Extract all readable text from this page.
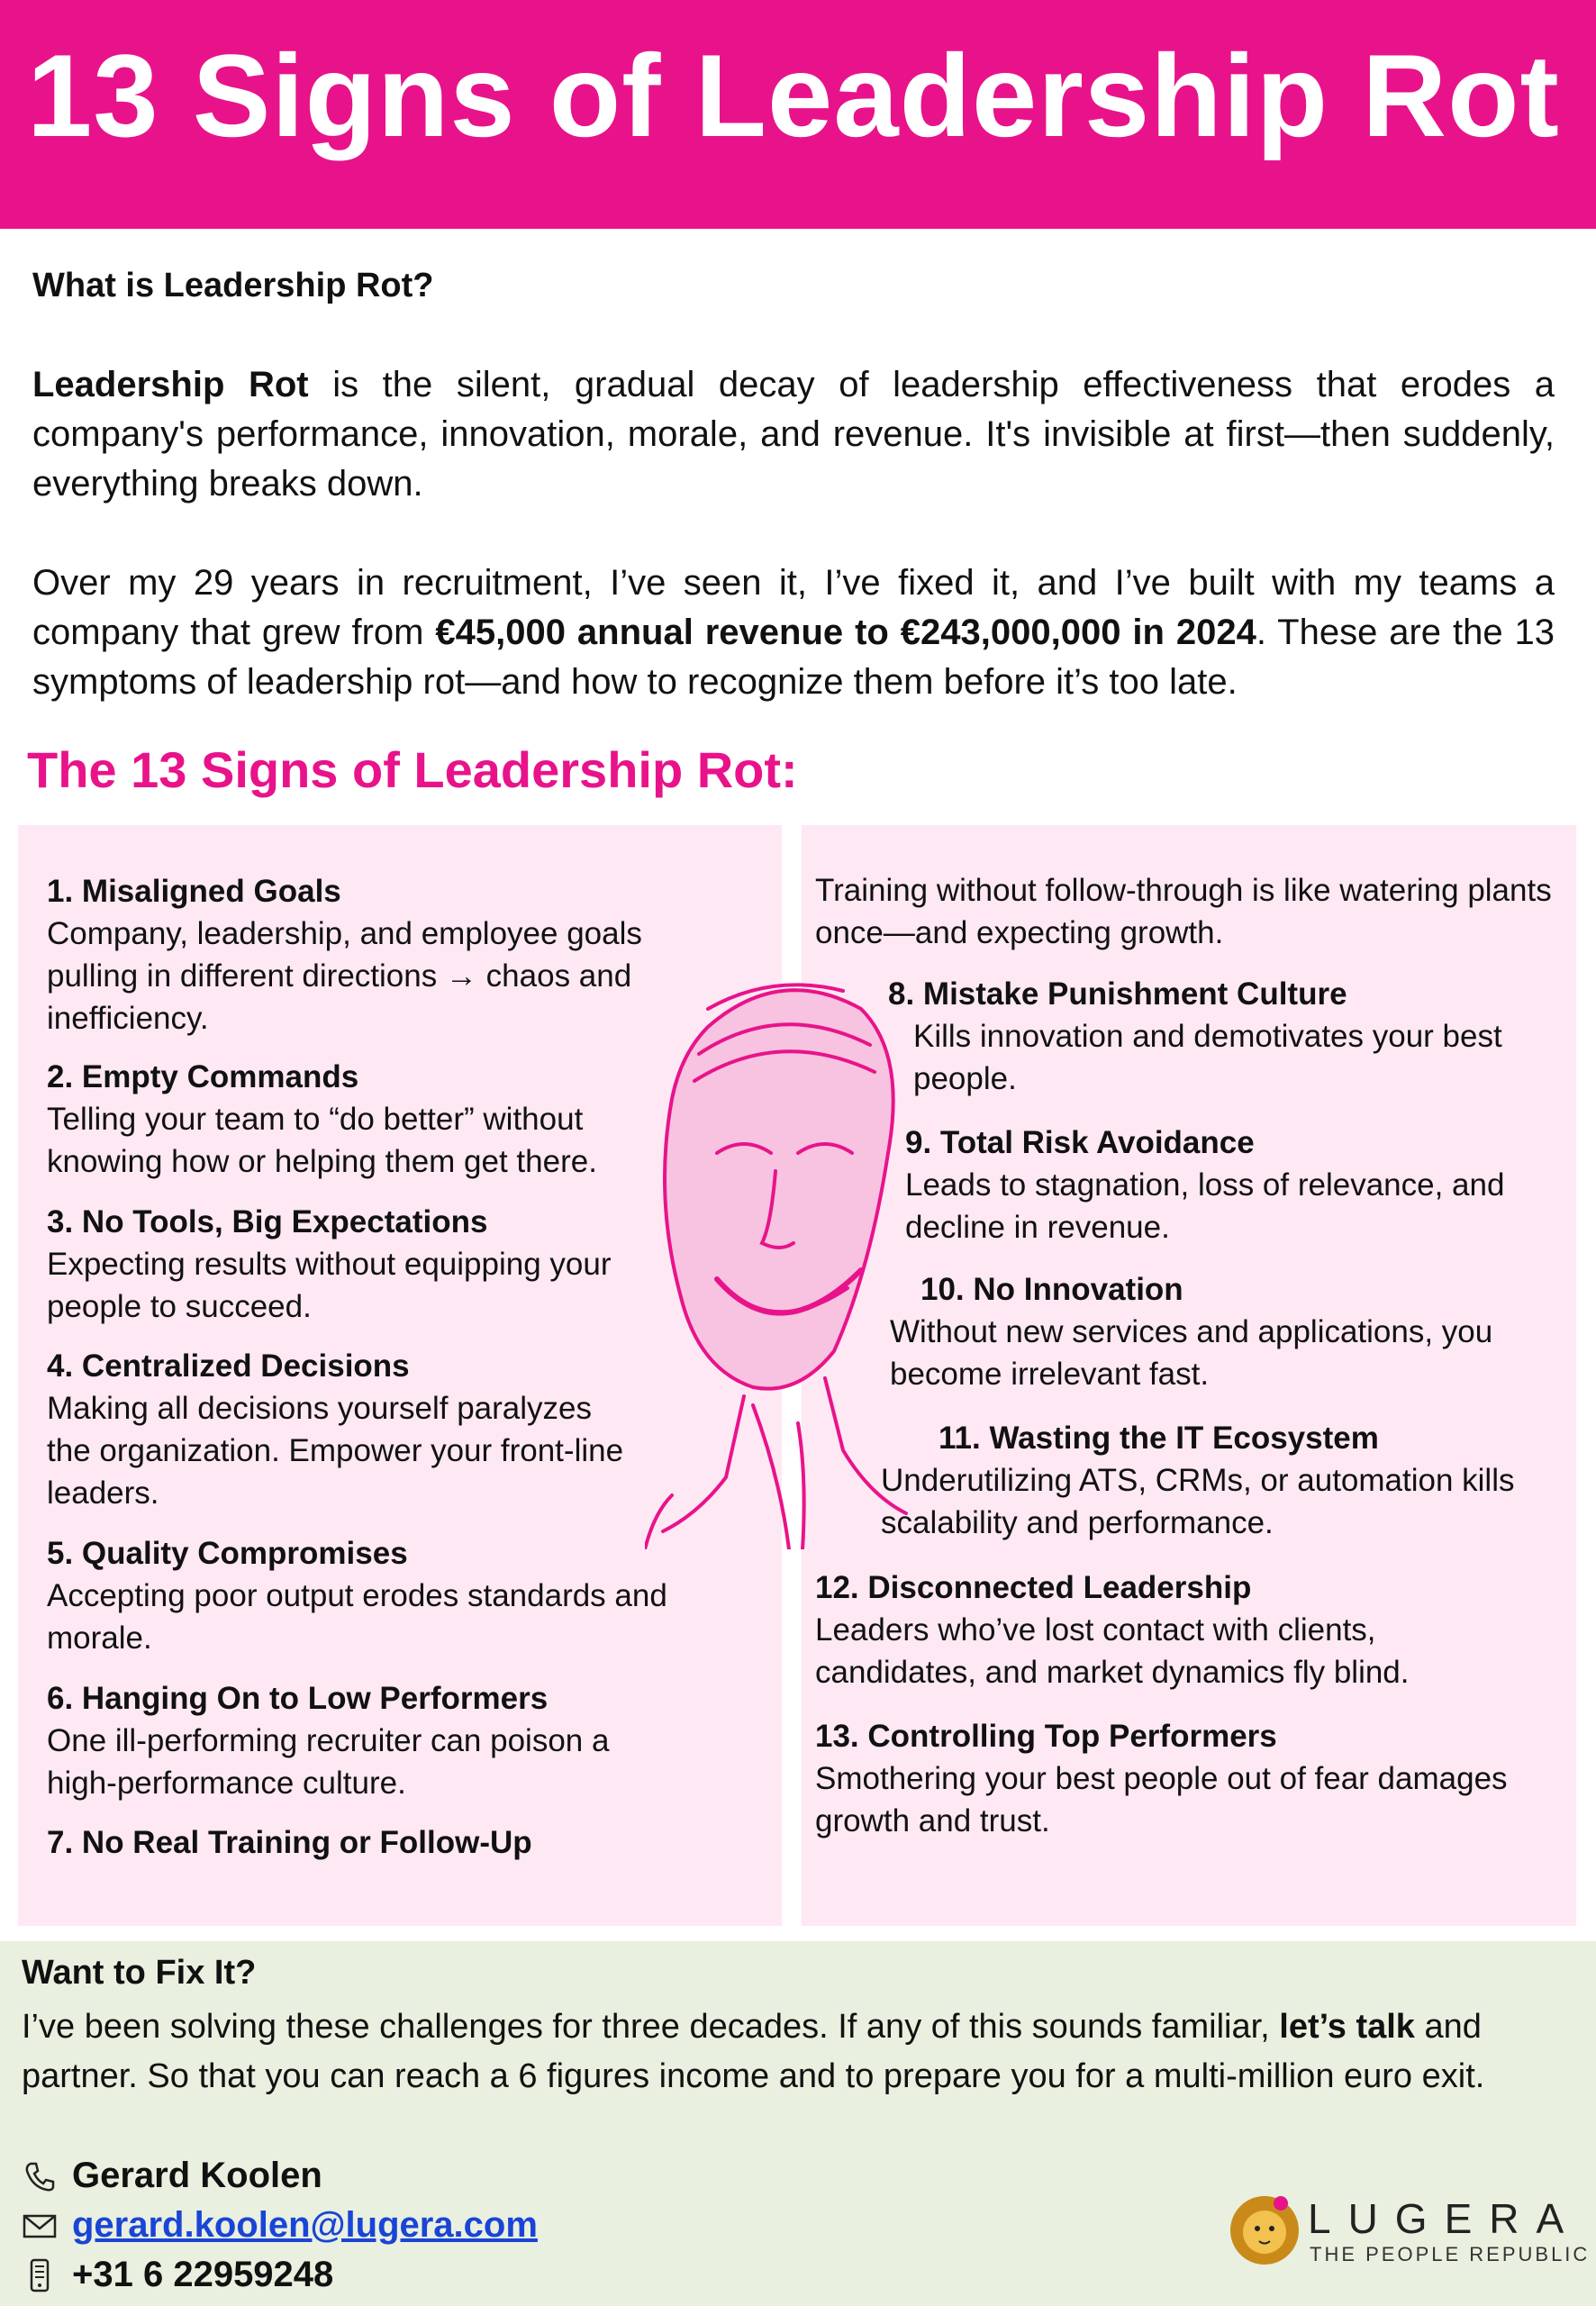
13 Signs of Leadership Rot
What is Leadership Rot?

Leadership Rot is the silent, gradual decay of leadership effectiveness that erodes a company's performance, innovation, morale, and revenue. It's invisible at first—then suddenly, everything breaks down.

Over my 29 years in recruitment, I’ve seen it, I’ve fixed it, and I’ve built with my teams a company that grew from €45,000 annual revenue to €243,000,000 in 2024. These are the 13 symptoms of leadership rot—and how to recognize them before it’s too late.

The 13 Signs of Leadership Rot:
1. Misaligned Goals
Company, leadership, and employee goals pulling in different directions → chaos and inefficiency.
2. Empty Commands
Telling your team to “do better” without knowing how or helping them get there.
3. No Tools, Big Expectations
Expecting results without equipping your people to succeed.
4. Centralized Decisions
Making all decisions yourself paralyzes the organization. Empower your front-line leaders.
5. Quality Compromises
Accepting poor output erodes standards and morale.
6. Hanging On to Low Performers
One ill-performing recruiter can poison a high-performance culture.
7. No Real Training or Follow-Up
Training without follow-through is like watering plants once—and expecting growth.
8. Mistake Punishment Culture
Kills innovation and demotivates your best people.
9. Total Risk Avoidance
Leads to stagnation, loss of relevance, and decline in revenue.
10. No Innovation
Without new services and applications, you become irrelevant fast.
11. Wasting the IT Ecosystem
Underutilizing ATS, CRMs, or automation kills scalability and performance.
12. Disconnected Leadership
Leaders who’ve lost contact with clients, candidates, and market dynamics fly blind.
13. Controlling Top Performers
Smothering your best people out of fear damages growth and trust.
Want to Fix It?
I’ve been solving these challenges for three decades. If any of this sounds familiar, let’s talk and partner. So that you can reach a 6 figures income and to prepare you for a multi-million euro exit.
Gerard Koolen
gerard.koolen@lugera.com
+31 6 22959248
LUGERA
THE PEOPLE REPUBLIC
